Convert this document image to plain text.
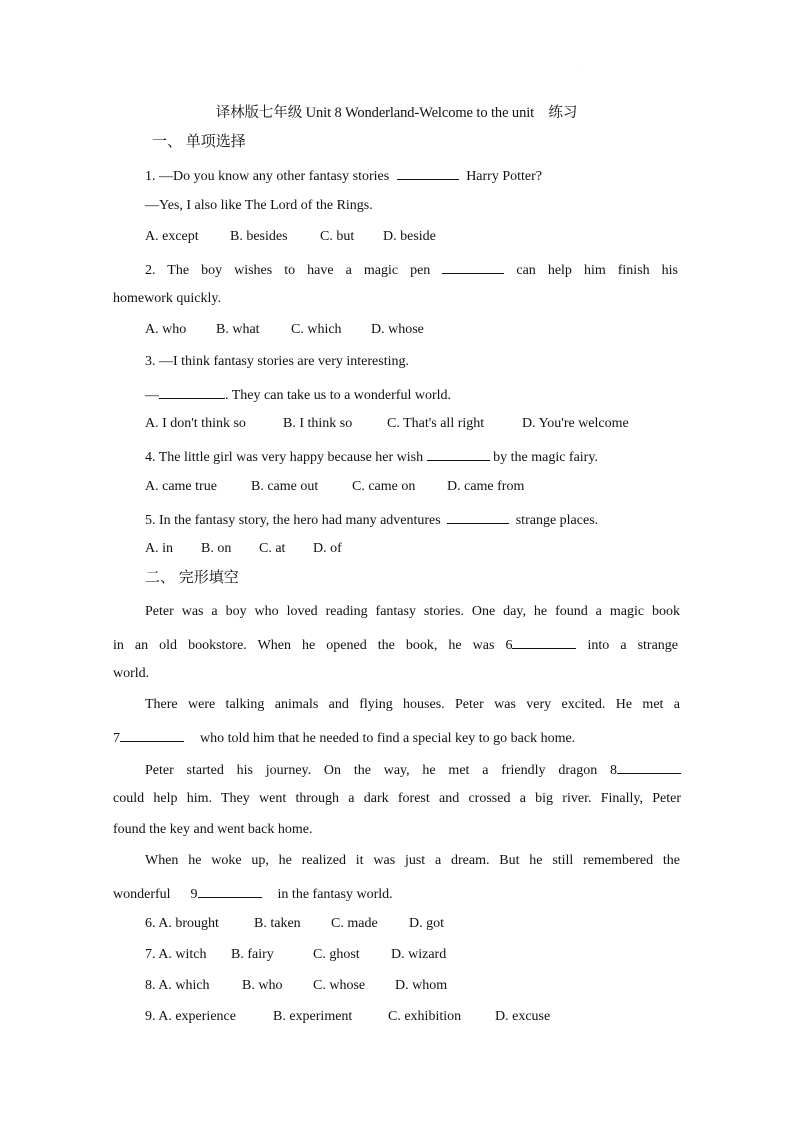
·
译林版七年级 Unit 8 Wonderland-Welcome to the unit　练习
一、 单项选择
1. —Do you know any other fantasy stories	Harry Potter?
—Yes, I also like The Lord of the Rings.
A. except B. besides C. but D. beside
2. The boy wishes to have a magic pen	can help him finish his
homework quickly.
A. who B. what C. which D. whose
3. —I think fantasy stories are very interesting.
—	. They can take us to a wonderful world.
A. I don't think so	B. I think so C. That's all right	D. You're welcome
4. The little girl was very happy because her wish	by the magic fairy.
A. came true B. came out C. came on D. came from
5. In the fantasy story, the hero had many adventures	strange places.
A. in B. on C. at D. of
二、 完形填空
Peter was a boy who loved reading fantasy stories. One day, he found a magic book
in an old bookstore. When he opened the book, he was 6	into a strange
world.
There were talking animals and flying houses. Peter was very excited. He met a
7	who told him that he needed to find a special key to go back home.
Peter started his journey. On the way, he met a friendly dragon 8
could help him. They went through a dark forest and crossed a big river. Finally, Peter
found the key and went back home.
When he woke up, he realized it was just a dream. But he still remembered the
wonderful 9	in the fantasy world.
6. A. brought	B. taken C. made D. got
7. A. witch B. fairy	C. ghost D. wizard
8. A. which B. who C. whose D. whom
9. A. experience	B. experiment	C. exhibition D. excuse
